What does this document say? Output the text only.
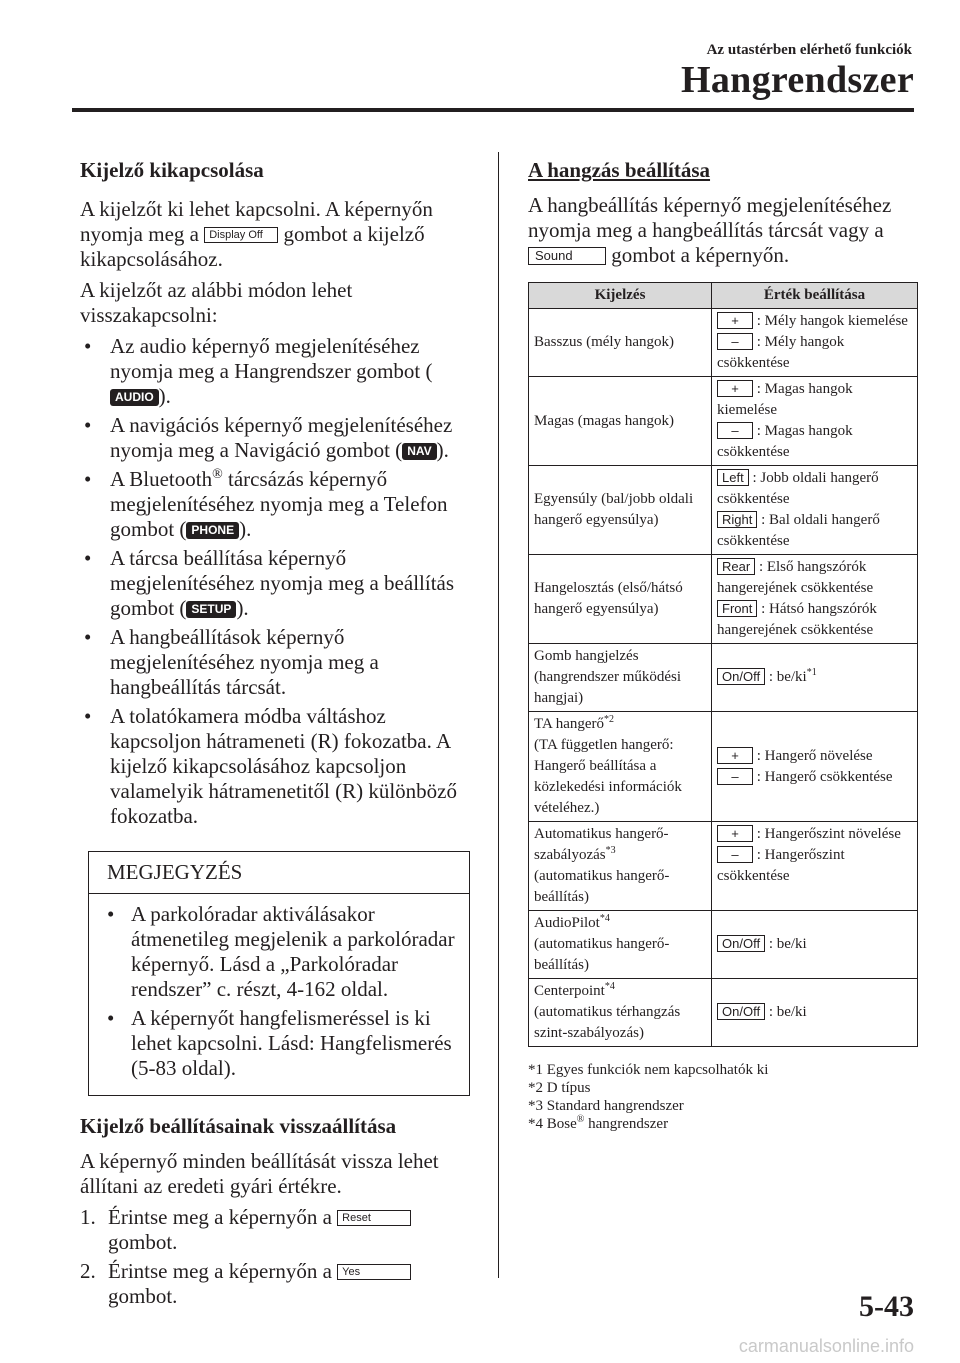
Az utastérben elérhető funkciók
Hangrendszer
Kijelző kikapcsolása

A kijelzőt ki lehet kapcsolni. A képernyőn nyomja meg a Display Off gombot a kijelző kikapcsolásához.

A kijelzőt az alábbi módon lehet visszakapcsolni:

• Az audio képernyő megjelenítéséhez nyomja meg a Hangrendszer gombot (AUDIO ).
• A navigációs képernyő megjelenítéséhez nyomja meg a Navigáció gombot ( NAV ).
• A Bluetooth® tárcsázás képernyő megjelenítéséhez nyomja meg a Telefon gombot ( PHONE ).
• A tárcsa beállítása képernyő megjelenítéséhez nyomja meg a beállítás gombot ( SETUP ).
• A hangbeállítások képernyő megjelenítéséhez nyomja meg a hangbeállítás tárcsát.
• A tolatókamera módba váltáshoz kapcsoljon hátrameneti (R) fokozatba. A kijelző kikapcsolásához kapcsoljon valamelyik hátramenetitől (R) különböző fokozatba.
MEGJEGYZÉS
• A parkolóradar aktiválásakor átmenetileg megjelenik a parkolóradar képernyő. Lásd a „Parkolóradar rendszer” c. részt, 4-162 oldal.
• A képernyőt hangfelismeréssel is ki lehet kapcsolni. Lásd: Hangfelismerés (5-83 oldal).
Kijelző beállításainak visszaállítása

A képernyő minden beállítását vissza lehet állítani az eredeti gyári értékre.

1. Érintse meg a képernyőn a Reset gombot.
2. Érintse meg a képernyőn a Yes gombot.
A hangzás beállítása

A hangbeállítás képernyő megjelenítéséhez nyomja meg a hangbeállítás tárcsát vagy a Sound gombot a képernyőn.

Kijelzés	Érték beállítása
Basszus (mély hangok)	+ : Mély hangok kiemelése
– : Mély hangok csökkentése
Magas (magas hangok)	+ : Magas hangok kiemelése
– : Magas hangok csökkentése
Egyensúly (bal/jobb oldali hangerő egyensúlya)	Left : Jobb oldali hangerő csökkentése
Right : Bal oldali hangerő csökkentése
Hangelosztás (első/hátsó hangerő egyensúlya)	Rear : Első hangszórók hangerejének csökkentése
Front : Hátsó hangszórók hangerejének csökkentése
Gomb hangjelzés (hangrendszer működési hangjai)	On/Off : $be/ki^{*1}$
TA hangerő$^{*2}$
(TA független hangerő: Hangerő beállítása a közlekedési információk vételéhez.)	+ : Hangerő növelése
– : Hangerő csökkentése
Automatikus hangerő-szabályozás$^{*3}$
(automatikus hangerő-beállítás)	+ : Hangerőszint növelése
– : Hangerőszint csökkentése
AudioPilot$^{*4}$
(automatikus hangerő-beállítás)	On/Off : be/ki
Centerpoint$^{*4}$
(automatikus térhangzás szint-szabályozás)	On/Off : be/ki
*1 Egyes funkciók nem kapcsolhatók ki
*2 D típus
*3 Standard hangrendszer
*4 Bose® hangrendszer
5-43
carmanualsonline.info
